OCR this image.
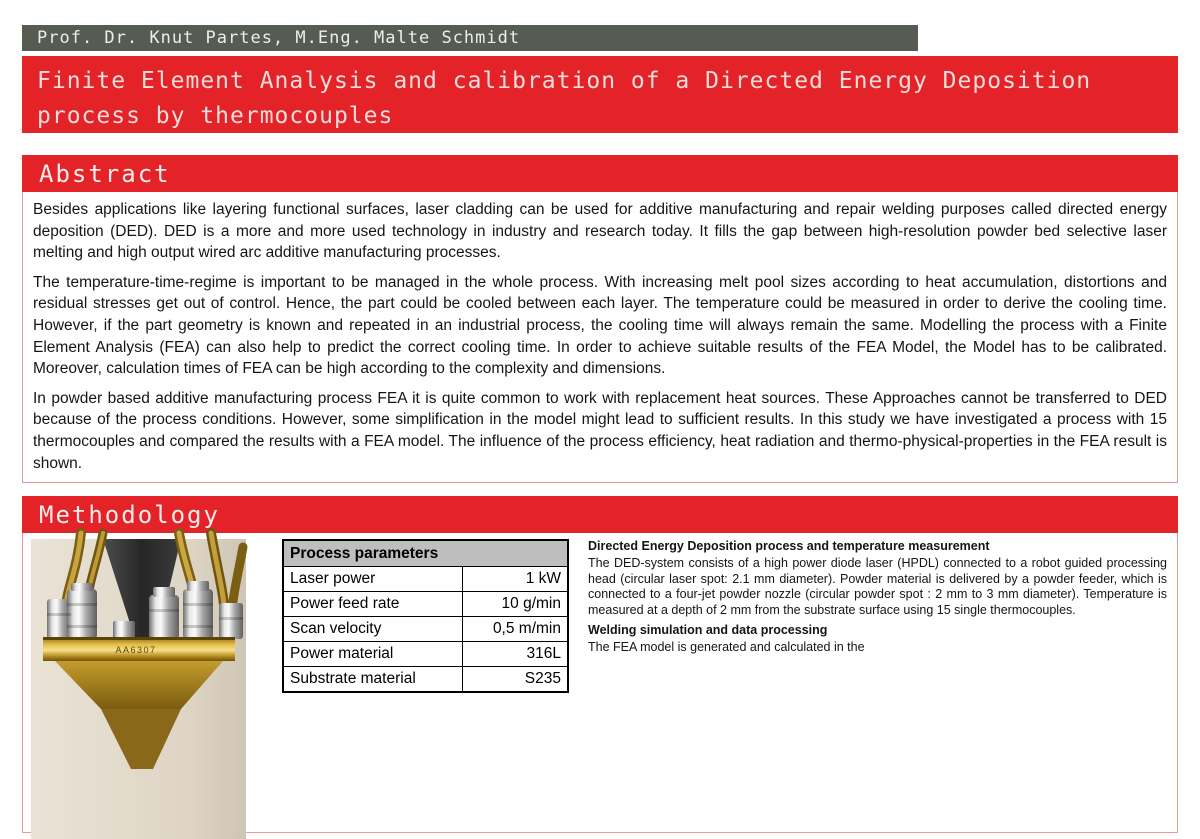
Prof. Dr. Knut Partes, M.Eng. Malte Schmidt
Finite Element Analysis and calibration of a Directed Energy Deposition
process by thermocouples
Abstract

Besides applications like layering functional surfaces, laser cladding can be used for additive manufacturing and repair welding purposes called directed energy deposition (DED). DED is a more and more used technology in industry and research today. It fills the gap between high-resolution powder bed selective laser melting and high output wired arc additive manufacturing processes.

The temperature-time-regime is important to be managed in the whole process. With increasing melt pool sizes according to heat accumulation, distortions and residual stresses get out of control. Hence, the part could be cooled between each layer. The temperature could be measured in order to derive the cooling time. However, if the part geometry is known and repeated in an industrial process, the cooling time will always remain the same. Modelling the process with a Finite Element Analysis (FEA) can also help to predict the correct cooling time. In order to achieve suitable results of the FEA Model, the Model has to be calibrated. Moreover, calculation times of FEA can be high according to the complexity and dimensions.

In powder based additive manufacturing process FEA it is quite common to work with replacement heat sources. These Approaches cannot be transferred to DED because of the process conditions. However, some simplification in the model might lead to sufficient results. In this study we have investigated a process with 15 thermocouples and compared the results with a FEA model. The influence of the process efficiency, heat radiation and thermo-physical-properties in the FEA result is shown.

Methodology
AA6307
Process parameters	
Laser power	1 kW
Power feed rate	10 g/min
Scan velocity	0,5 m/min
Power material	316L
Substrate material	S235
Directed Energy Deposition process and temperature measurement

The DED-system consists of a high power diode laser (HPDL) connected to a robot guided processing head (circular laser spot: 2.1 mm diameter). Powder material is delivered by a powder feeder, which is connected to a four-jet powder nozzle (circular powder spot : 2 mm to 3 mm diameter). Temperature is measured at a depth of 2 mm from the substrate surface using 15 single thermocouples.

Welding simulation and data processing

The FEA model is generated and calculated in the
